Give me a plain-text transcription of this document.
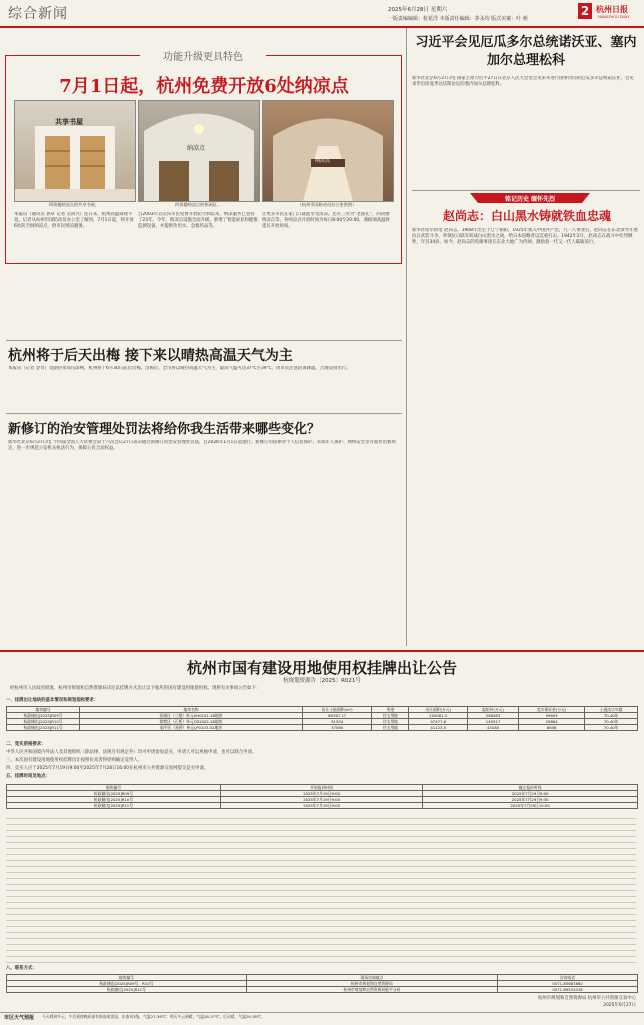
综合新闻	2025年6月28日 星期六
一版责编编辑：杭花洋 本版责任编辑：茅永均 版式美案：叶 萌
2 杭州日报
HANGZHOU DAILY
功能升级更具特色
7月1日起，杭州免费开放6处纳凉点
共享书屋
纳凉点
纳凉点
四顶楼纳凉点的共享书屋。	四顶楼纳凉点的休闲区。	（杭州市国防动员办公室供图）
本报讯（通讯员 孙卓 记者 吴尚兴）连日来，杭州高温频现不退。记者从杭州市国防动员办公室了解到，7月1日起，将开放6处防空洞纳凉点，供市民纳凉避暑。
自2003年首次向市民免费开放防空洞以来，纳凉服务已坚持了23年。今年，纳凉点设施全面升级，新增了智能屏显和健康监测设备，并提供饮用水、急救药品等。
让更多市民在家门口就能享受清凉。还有三处为“老面孔”，四顶楼纳凉点等。各纳凉点开放时间为每日8:00至20:00，遇极端高温将延长开放时间。
习近平会见厄瓜多尔总统诺沃亚、塞内加尔总理松科
新华社北京6月27日电 国家主席习近平27日在北京人民大会堂会见来华进行国事访问的厄瓜多尔总统诺沃亚，会见来华出席夏季达沃斯论坛的塞内加尔总理松科。
铭记历史 缅怀先烈
赵尚志：白山黑水铸就铁血忠魂
新华社哈尔滨电 赵尚志，1908年出生于辽宁朝阳，1925年加入中国共产党。九一八事变后，赵尚志在东北领导开展抗日武装斗争，率领抗日联军转战白山黑水之间，给日本侵略者以沉重打击。1942年2月，赵尚志在战斗中壮烈牺牲，年仅34岁。如今，赵尚志的英雄事迹在东北大地广为传颂，激励着一代又一代人砥砺前行。
杭州将于后天出梅 接下来以晴热高温天气为主
本报讯（记者 金奇）受副热带高压影响，杭州将于6月30日前后出梅。出梅后，全市将以晴热高温天气为主，最高气温可达37℃至39℃，请市民注意防暑降温，合理安排出行。
新修订的治安管理处罚法将给你我生活带来哪些变化？
新华社北京6月27日电 十四届全国人大常委会第十六次会议27日表决通过新修订的治安管理处罚法，自2026年1月1日起施行。新修订的法律对个人信息保护、未成年人保护、网络安全等方面作出新规定，进一步规范公安机关执法行为，保障公民合法权益。
杭州市国有建设用地使用权挂牌出让公告
杭规划资源告〔2025〕R021号
经杭州市人民政府批准，杭州市规划和自然资源局决定以挂牌方式出让以下地块的国有建设用地使用权。现将有关事项公告如下：
一、挂牌出让地块的基本情况和规划指标要求：
地块编号	地块名称	出让土地面积(m²)	用途	出让面积(万元)	起始价(万元)	竞买保证金(万元)	土地出让年限
杭政储出[2025]R09号	西湖区（三墩）单元XH0101-16地块	89767.17	住宅用地	205081.5	298463	59693	70.40年
杭政储出[2025]R10号	拱墅区（石桥）单元CB1502-16地块	51304	住宅用地	97477.6	149317	29864	70.40年
杭政储出[2025]R11号	临平区（星桥）单元LP0103-02地块	37585	住宅用地	41123.5	43180	8636	70.40年
二、竞买资格要求：
中华人民共和国境内外法人及其他组织（除法律、法规另有规定外）均可申请参加竞买，申请人可以单独申请，也可以联合申请。
三、本次国有建设用地使用权挂牌出让按照价高者得原则确定竞得人。
四、竞买人应于2025年7月19日9:00至2025年7月28日16:00在杭州市公共资源交易网提交竞买申请。
五、挂牌时间及地点：
地块编号	开始报价时间	截止报价时间
杭政储出[2025]R09号	2025年7月19日9:00	2025年7月29日9:00
杭政储出[2025]R10号	2025年7月19日9:00	2025年7月29日9:30
杭政储出[2025]R11号	2025年7月19日9:00	2025年7月29日10:00
八、联系方式：
地块编号	现场咨询地点	咨询电话
杭政储出[2025]R09号、R10号	杭州市规划和自然资源局	0571-85687860
杭政储出[2025]R11号	杭州市规划和自然资源局临平分局	0571-89531018
杭州市规划和自然资源局 杭州市公共资源交易中心
2025年6月27日
市区天气预报 今天晴到多云，午后到傍晚局部有阵雨或雷雨，东南风3级，气温27-36℃；明天多云到晴，气温28-37℃；后天晴，气温29-38℃。
